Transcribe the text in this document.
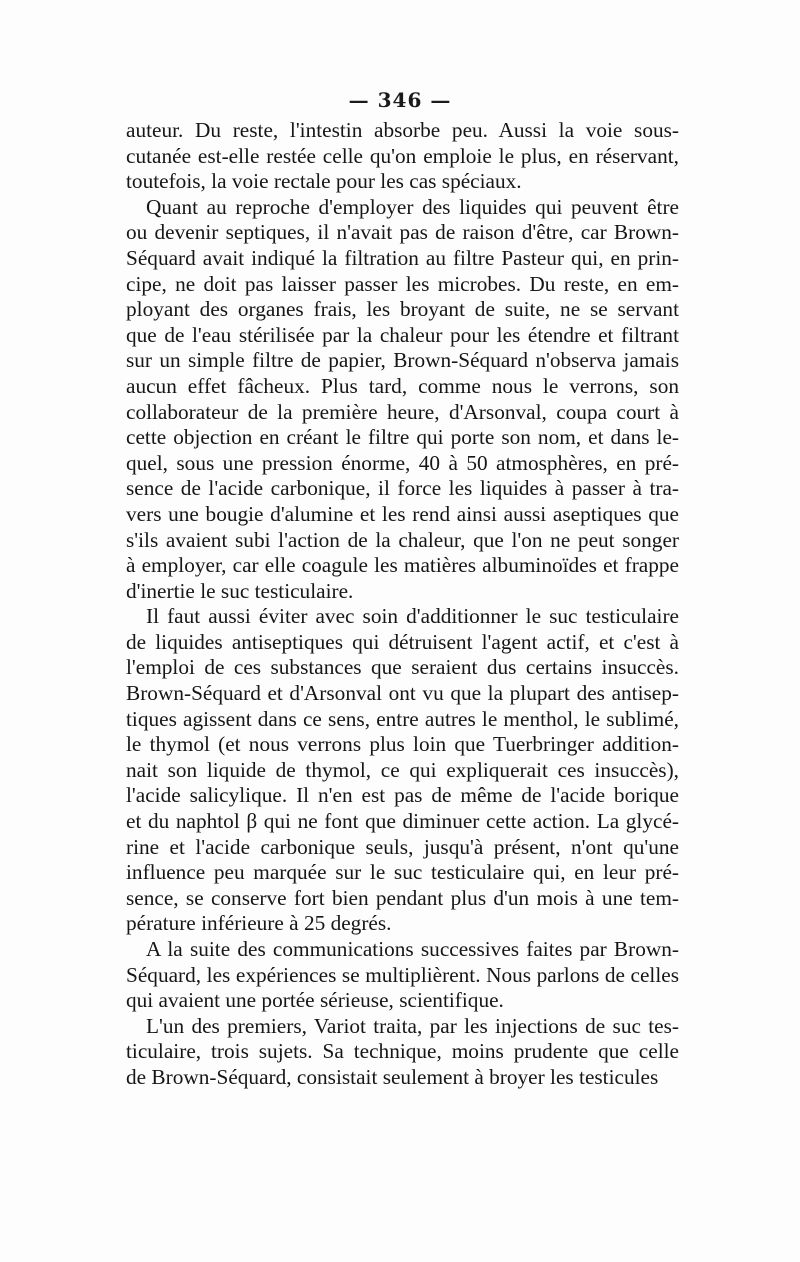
— 346 —
auteur. Du reste, l'intestin absorbe peu. Aussi la voie sous-
cutanée est-elle restée celle qu'on emploie le plus, en réservant,
toutefois, la voie rectale pour les cas spéciaux.
Quant au reproche d'employer des liquides qui peuvent être
ou devenir septiques, il n'avait pas de raison d'être, car Brown-
Séquard avait indiqué la filtration au filtre Pasteur qui, en prin-
cipe, ne doit pas laisser passer les microbes. Du reste, en em-
ployant des organes frais, les broyant de suite, ne se servant
que de l'eau stérilisée par la chaleur pour les étendre et filtrant
sur un simple filtre de papier, Brown-Séquard n'observa jamais
aucun effet fâcheux. Plus tard, comme nous le verrons, son
collaborateur de la première heure, d'Arsonval, coupa court à
cette objection en créant le filtre qui porte son nom, et dans le-
quel, sous une pression énorme, 40 à 50 atmosphères, en pré-
sence de l'acide carbonique, il force les liquides à passer à tra-
vers une bougie d'alumine et les rend ainsi aussi aseptiques que
s'ils avaient subi l'action de la chaleur, que l'on ne peut songer
à employer, car elle coagule les matières albuminoïdes et frappe
d'inertie le suc testiculaire.
Il faut aussi éviter avec soin d'additionner le suc testiculaire
de liquides antiseptiques qui détruisent l'agent actif, et c'est à
l'emploi de ces substances que seraient dus certains insuccès.
Brown-Séquard et d'Arsonval ont vu que la plupart des antisep-
tiques agissent dans ce sens, entre autres le menthol, le sublimé,
le thymol (et nous verrons plus loin que Tuerbringer addition-
nait son liquide de thymol, ce qui expliquerait ces insuccès),
l'acide salicylique. Il n'en est pas de même de l'acide borique
et du naphtol β qui ne font que diminuer cette action. La glycé-
rine et l'acide carbonique seuls, jusqu'à présent, n'ont qu'une
influence peu marquée sur le suc testiculaire qui, en leur pré-
sence, se conserve fort bien pendant plus d'un mois à une tem-
pérature inférieure à 25 degrés.
A la suite des communications successives faites par Brown-
Séquard, les expériences se multiplièrent. Nous parlons de celles
qui avaient une portée sérieuse, scientifique.
L'un des premiers, Variot traita, par les injections de suc tes-
ticulaire, trois sujets. Sa technique, moins prudente que celle
de Brown-Séquard, consistait seulement à broyer les testicules
